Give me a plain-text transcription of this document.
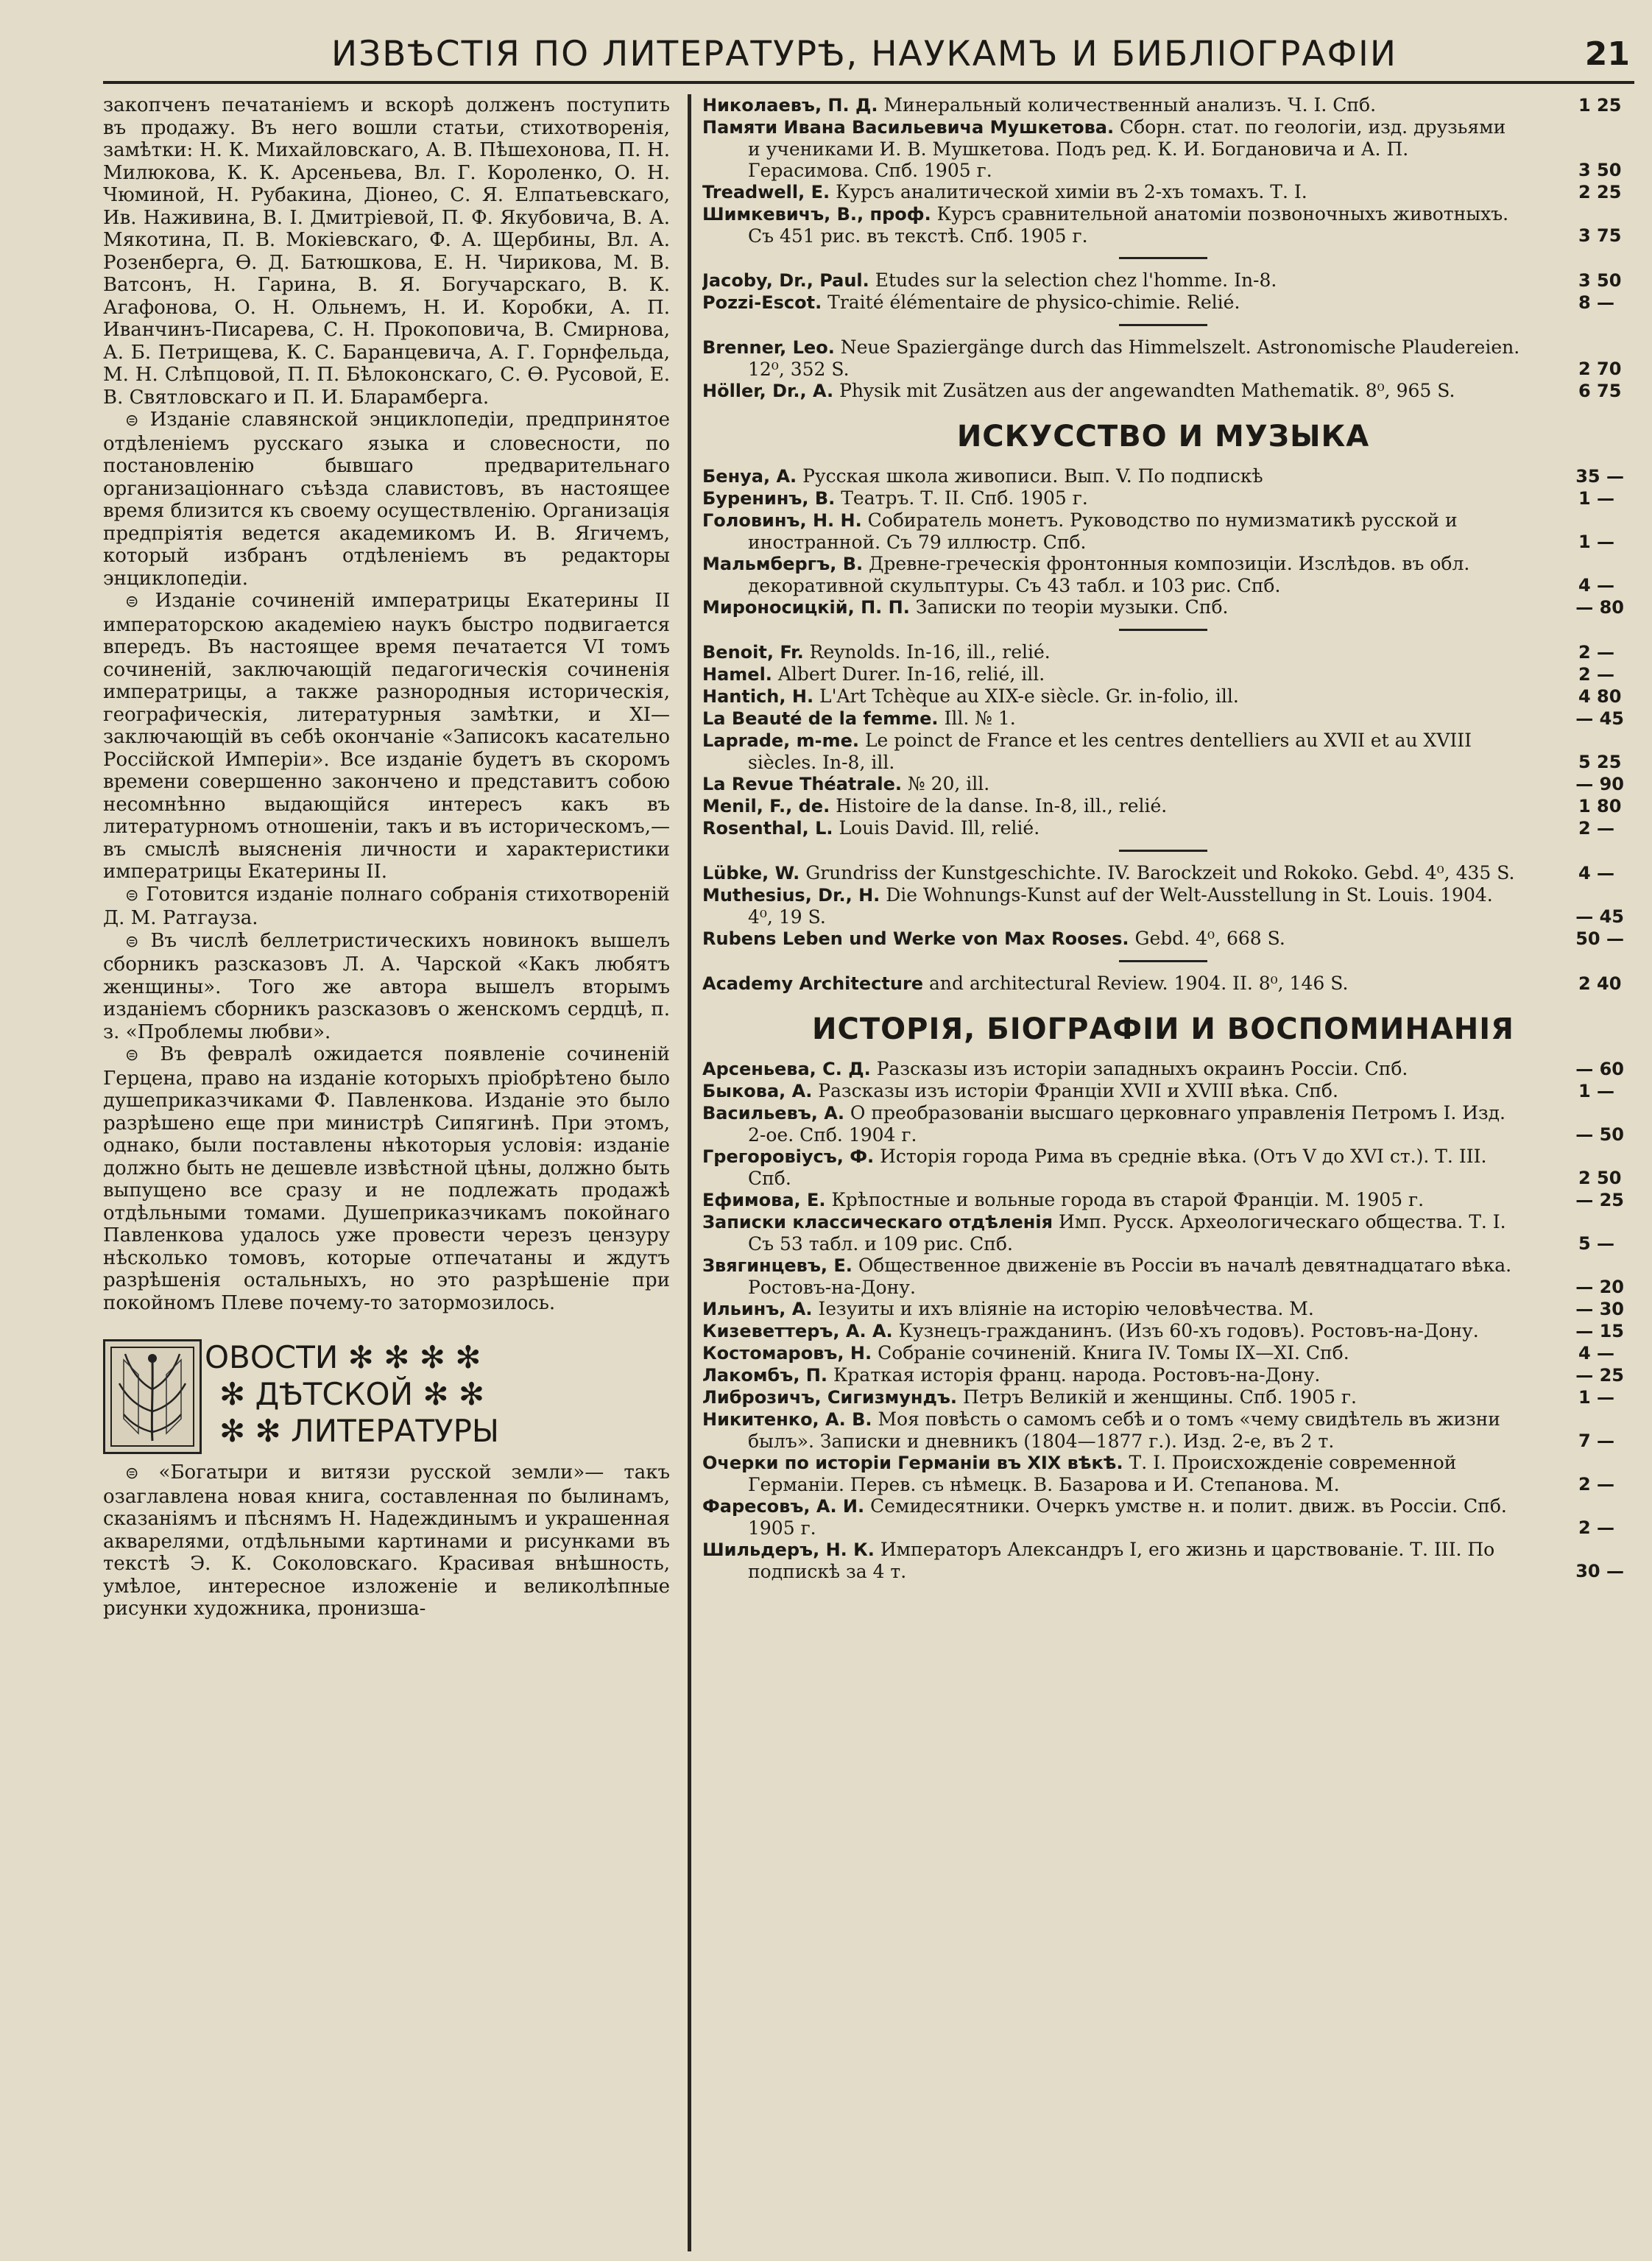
ИЗВѢСТІЯ ПО ЛИТЕРАТУРѢ, НАУКАМЪ И БИБЛІОГРАФІИ	21

закопченъ печатаніемъ и вскорѣ долженъ поступить въ продажу. Въ него вошли статьи, стихотворенія, замѣтки: Н. К. Михайловскаго, А. В. Пѣшехонова, П. Н. Милюкова, К. К. Арсеньева, Вл. Г. Короленко, О. Н. Чюминой, Н. Рубакина, Діонео, С. Я. Елпатьевскаго, Ив. Наживина, В. І. Дмитріевой, П. Ф. Якубовича, В. А. Мякотина, П. В. Мокіевскаго, Ф. А. Щербины, Вл. А. Розенберга, Ѳ. Д. Батюшкова, Е. Н. Чирикова, М. В. Ватсонъ, Н. Гарина, В. Я. Богучарскаго, В. К. Агафонова, О. Н. Ольнемъ, Н. И. Коробки, А. П. Иванчинъ-Писарева, С. Н. Прокоповича, В. Смирнова, А. Б. Петрищева, К. С. Баранцевича, А. Г. Горнфельда, М. Н. Слѣпцовой, П. П. Бѣлоконскаго, С. Ѳ. Русовой, Е. В. Святловскаго и П. И. Бларамберга.

⊜ Изданіе славянской энциклопедіи, предпринятое отдѣленіемъ русскаго языка и словесности, по постановленію бывшаго предварительнаго организаціоннаго съѣзда славистовъ, въ настоящее время близится къ своему осуществленію. Организація предпріятія ведется академикомъ И. В. Ягичемъ, который избранъ отдѣленіемъ въ редакторы энциклопедіи.

⊜ Изданіе сочиненій императрицы Екатерины II императорскою академіею наукъ быстро подвигается впередъ. Въ настоящее время печатается VI томъ сочиненій, заключающій педагогическія сочиненія императрицы, а также разнородныя историческія, географическія, литературныя замѣтки, и XI—заключающій въ себѣ окончаніе «Записокъ касательно Россійской Имперіи». Все изданіе будетъ въ скоромъ времени совершенно закончено и представитъ собою несомнѣнно выдающійся интересъ какъ въ литературномъ отношеніи, такъ и въ историческомъ,—въ смыслѣ выясненія личности и характеристики императрицы Екатерины II.

⊜ Готовится изданіе полнаго собранія стихотвореній Д. М. Ратгауза.

⊜ Въ числѣ беллетристическихъ новинокъ вышелъ сборникъ разсказовъ Л. А. Чарской «Какъ любятъ женщины». Того же автора вышелъ вторымъ изданіемъ сборникъ разсказовъ о женскомъ сердцѣ, п. з. «Проблемы любви».

⊜ Въ февралѣ ожидается появленіе сочиненій Герцена, право на изданіе которыхъ пріобрѣтено было душеприказчиками Ф. Павленкова. Изданіе это было разрѣшено еще при министрѣ Сипягинѣ. При этомъ, однако, были поставлены нѣкоторыя условія: изданіе должно быть не дешевле извѣстной цѣны, должно быть выпущено все сразу и не подлежать продажѣ отдѣльными томами. Душеприказчикамъ покойнаго Павленкова удалось уже провести черезъ цензуру нѣсколько томовъ, которые отпечатаны и ждутъ разрѣшенія остальныхъ, но это разрѣшеніе при покойномъ Плеве почему-то затормозилось.

ОВОСТИ ✻ ✻ ✻ ✻
✻ ДѢТСКОЙ ✻ ✻
✻ ✻ ЛИТЕРАТУРЫ

⊜ «Богатыри и витязи русской земли»— такъ озаглавлена новая книга, составленная по былинамъ, сказаніямъ и пѣснямъ Н. Надеждинымъ и украшенная акварелями, отдѣльными картинами и рисунками въ текстѣ Э. К. Соколовскаго. Красивая внѣшность, умѣлое, интересное изложеніе и великолѣпные рисунки художника, пронизша-

Николаевъ, П. Д. Минеральный количественный анализъ. Ч. I. Спб.	1 25

Памяти Ивана Васильевича Мушкетова. Сборн. стат. по геологіи, изд. друзьями и учениками И. В. Мушкетова. Подъ ред. К. И. Богдановича и А. П. Герасимова. Спб. 1905 г.	3 50

Treadwell, E. Курсъ аналитической химіи въ 2-хъ томахъ. Т. I.	2 25

Шимкевичъ, В., проф. Курсъ сравнительной анатоміи позвоночныхъ животныхъ. Съ 451 рис. въ текстѣ. Спб. 1905 г.	3 75

Jacoby, Dr., Paul. Etudes sur la selection chez l'homme. In-8.	3 50

Pozzi-Escot. Traité élémentaire de physico-chimie. Relié.	8 —

Brenner, Leo. Neue Spaziergänge durch das Himmelszelt. Astronomische Plaudereien. 12⁰, 352 S.	2 70

Höller, Dr., A. Physik mit Zusätzen aus der angewandten Mathematik. 8⁰, 965 S.	6 75

ИСКУССТВО И МУЗЫКА

Бенуа, А. Русская школа живописи. Вып. V. По подпискѣ	35 —

Буренинъ, В. Театръ. Т. II. Спб. 1905 г.	1 —

Головинъ, Н. Н. Собиратель монетъ. Руководство по нумизматикѣ русской и иностранной. Съ 79 иллюстр. Спб.	1 —

Мальмбергъ, В. Древне-греческія фронтонныя композиціи. Изслѣдов. въ обл. декоративной скульптуры. Съ 43 табл. и 103 рис. Спб.	4 —

Мироносицкій, П. П. Записки по теоріи музыки. Спб.	— 80

Benoit, Fr. Reynolds. In-16, ill., relié.	2 —

Hamel. Albert Durer. In-16, relié, ill.	2 —

Hantich, H. L'Art Tchèque au XIX-e siècle. Gr. in-folio, ill.	4 80

La Beauté de la femme. Ill. № 1.	— 45

Laprade, m-me. Le poinct de France et les centres dentelliers au XVII et au XVIII siècles. In-8, ill.	5 25

La Revue Théatrale. № 20, ill.	— 90

Menil, F., de. Histoire de la danse. In-8, ill., relié.	1 80

Rosenthal, L. Louis David. Ill, relié.	2 —

Lübke, W. Grundriss der Kunstgeschichte. IV. Barockzeit und Rokoko. Gebd. 4⁰, 435 S.	4 —

Muthesius, Dr., H. Die Wohnungs-Kunst auf der Welt-Ausstellung in St. Louis. 1904. 4⁰, 19 S.	— 45

Rubens Leben und Werke von Max Rooses. Gebd. 4⁰, 668 S.	50 —

Academy Architecture and architectural Review. 1904. II. 8⁰, 146 S.	2 40

ИСТОРІЯ, БІОГРАФІИ И ВОСПОМИНАНІЯ

Арсеньева, С. Д. Разсказы изъ исторіи западныхъ окраинъ Россіи. Спб.	— 60

Быкова, А. Разсказы изъ исторіи Франціи XVII и XVIII вѣка. Спб.	1 —

Васильевъ, А. О преобразованіи высшаго церковнаго управленія Петромъ I. Изд. 2-ое. Спб. 1904 г.	— 50

Грегоровіусъ, Ф. Исторія города Рима въ средніе вѣка. (Отъ V до XVI ст.). Т. III. Спб.	2 50

Ефимова, Е. Крѣпостные и вольные города въ старой Франціи. М. 1905 г.	— 25

Записки классическаго отдѣленія Имп. Русск. Археологическаго общества. Т. I. Съ 53 табл. и 109 рис. Спб.	5 —

Звягинцевъ, Е. Общественное движеніе въ Россіи въ началѣ девятнадцатаго вѣка. Ростовъ-на-Дону.	— 20

Ильинъ, А. Іезуиты и ихъ вліяніе на исторію человѣчества. М.	— 30

Кизеветтеръ, А. А. Кузнецъ-гражданинъ. (Изъ 60-хъ годовъ). Ростовъ-на-Дону.	— 15

Костомаровъ, Н. Собраніе сочиненій. Книга IV. Томы IX—XI. Спб.	4 —

Лакомбъ, П. Краткая исторія франц. народа. Ростовъ-на-Дону.	— 25

Либрозичъ, Сигизмундъ. Петръ Великій и женщины. Спб. 1905 г.	1 —

Никитенко, А. В. Моя повѣсть о самомъ себѣ и о томъ «чему свидѣтель въ жизни былъ». Записки и дневникъ (1804—1877 г.). Изд. 2-е, въ 2 т.	7 —

Очерки по исторіи Германіи въ XIX вѣкѣ. Т. I. Происхожденіе современной Германіи. Перев. съ нѣмецк. В. Базарова и И. Степанова. М.	2 —

Фаресовъ, А. И. Семидесятники. Очеркъ умстве н. и полит. движ. въ Россіи. Спб. 1905 г.	2 —

Шильдеръ, Н. К. Императоръ Александръ I, его жизнь и царствованіе. Т. III. По подпискѣ за 4 т.	30 —
